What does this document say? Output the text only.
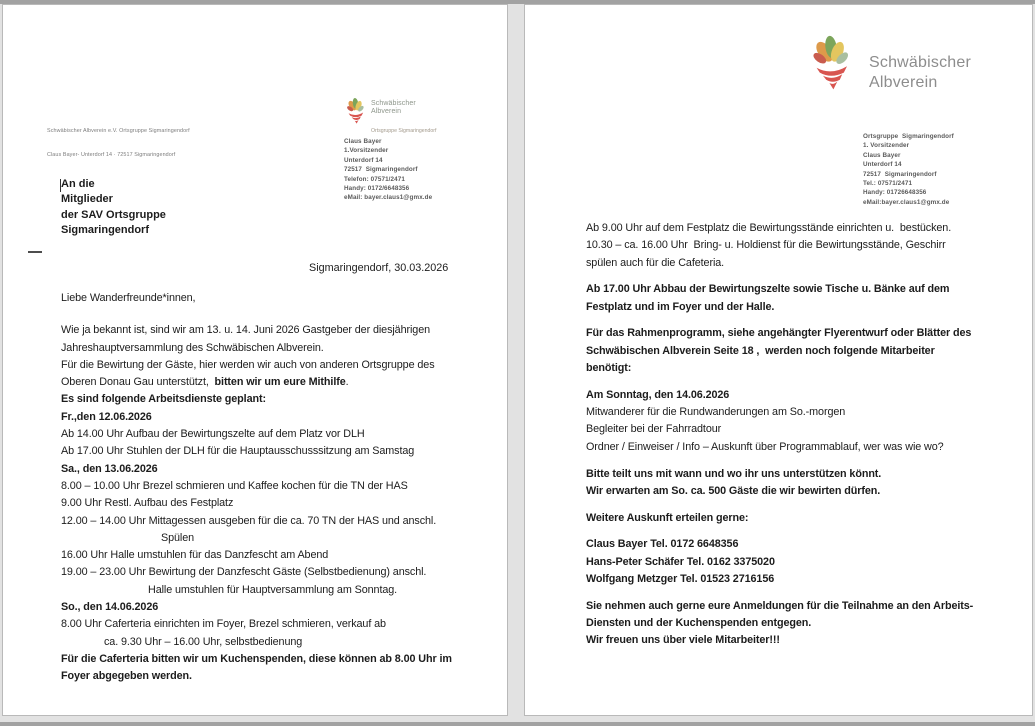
Schwäbischer Albverein e.V. Ortsgruppe Sigmaringendorf

Claus Bayer- Unterdorf 14 · 72517 Sigmaringendorf

Schwäbischer
Albverein
Ortsgruppe Sigmaringendorf
Claus Bayer
1.Vorsitzender
Unterdorf 14
72517  Sigmaringendorf
Telefon: 07571/2471
Handy: 0172/6648356
eMail: bayer.claus1@gmx.de
An die
Mitglieder
der SAV Ortsgruppe
Sigmaringendorf
Sigmaringendorf, 30.03.2026
Liebe Wanderfreunde*innen,

Wie ja bekannt ist, sind wir am 13. u. 14. Juni 2026 Gastgeber der diesjährigen
Jahreshauptversammlung des Schwäbischen Albverein.
Für die Bewirtung der Gäste, hier werden wir auch von anderen Ortsgruppe des
Oberen Donau Gau unterstützt,  bitten wir um eure Mithilfe.
Es sind folgende Arbeitsdienste geplant:
Fr.,den 12.06.2026
Ab 14.00 Uhr Aufbau der Bewirtungszelte auf dem Platz vor DLH
Ab 17.00 Uhr Stuhlen der DLH für die Hauptausschusssitzung am Samstag
Sa., den 13.06.2026
8.00 – 10.00 Uhr Brezel schmieren und Kaffee kochen für die TN der HAS
9.00 Uhr Restl. Aufbau des Festplatz
12.00 – 14.00 Uhr Mittagessen ausgeben für die ca. 70 TN der HAS und anschl.
Spülen
16.00 Uhr Halle umstuhlen für das Danzfescht am Abend
19.00 – 23.00 Uhr Bewirtung der Danzfescht Gäste (Selbstbedienung) anschl.
Halle umstuhlen für Hauptversammlung am Sonntag.
So., den 14.06.2026
8.00 Uhr Caferteria einrichten im Foyer, Brezel schmieren, verkauf ab
ca. 9.30 Uhr – 16.00 Uhr, selbstbedienung
Für die Caferteria bitten wir um Kuchenspenden, diese können ab 8.00 Uhr im
Foyer abgegeben werden.
Schwäbischer
Albverein
Ortsgruppe  Sigmaringendorf
1. Vorsitzender
Claus Bayer
Unterdorf 14
72517  Sigmaringendorf
Tel.: 07571/2471
Handy: 01726648356
eMail:bayer.claus1@gmx.de
Ab 9.00 Uhr auf dem Festplatz die Bewirtungsstände einrichten u.  bestücken.
10.30 – ca. 16.00 Uhr  Bring- u. Holdienst für die Bewirtungsstände, Geschirr
spülen auch für die Cafeteria.

Ab 17.00 Uhr Abbau der Bewirtungszelte sowie Tische u. Bänke auf dem
Festplatz und im Foyer und der Halle.

Für das Rahmenprogramm, siehe angehängter Flyerentwurf oder Blätter des
Schwäbischen Albverein Seite 18 ,  werden noch folgende Mitarbeiter
benötigt:

Am Sonntag, den 14.06.2026
Mitwanderer für die Rundwanderungen am So.-morgen
Begleiter bei der Fahrradtour
Ordner / Einweiser / Info – Auskunft über Programmablauf, wer was wie wo?

Bitte teilt uns mit wann und wo ihr uns unterstützen könnt.
Wir erwarten am So. ca. 500 Gäste die wir bewirten dürfen.

Weitere Auskunft erteilen gerne:

Claus Bayer Tel. 0172 6648356
Hans-Peter Schäfer Tel. 0162 3375020
Wolfgang Metzger Tel. 01523 2716156

Sie nehmen auch gerne eure Anmeldungen für die Teilnahme an den Arbeits-
Diensten und der Kuchenspenden entgegen.
Wir freuen uns über viele Mitarbeiter!!!
